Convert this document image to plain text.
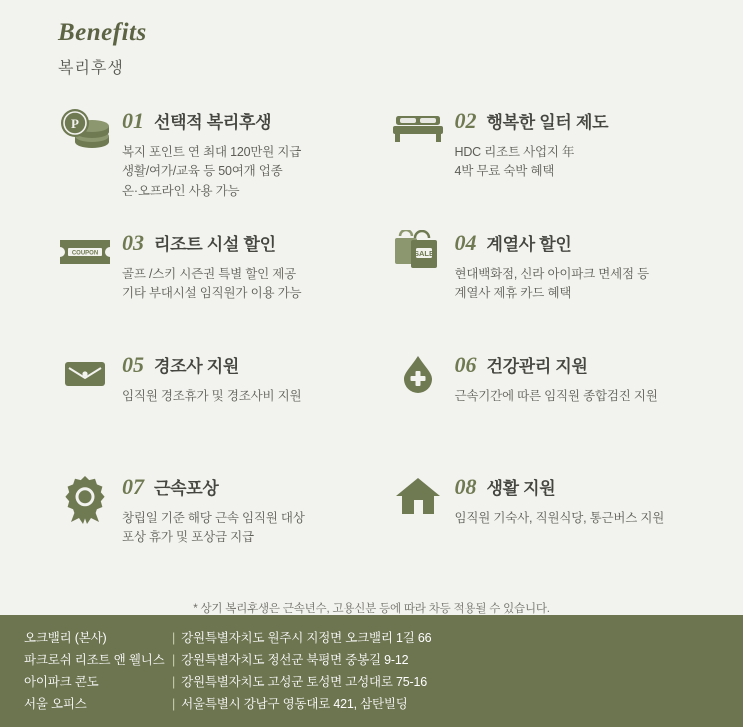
Benefits
복리후생
P 01 선택적 복리후생
복지 포인트 연 최대 120만원 지급
생활/여가/교육 등 50여개 업종
온·오프라인 사용 가능
02 행복한 일터 제도
HDC 리조트 사업지 年
4박 무료 숙박 혜택
COUPON 03 리조트 시설 할인
골프 /스키 시즌권 특별 할인 제공
기타 부대시설 임직원가 이용 가능
SALE 04 계열사 할인
현대백화점, 신라 아이파크 면세점 등
계열사 제휴 카드 혜택
05 경조사 지원
임직원 경조휴가 및 경조사비 지원
06 건강관리 지원
근속기간에 따른 임직원 종합검진 지원
07 근속포상
창립일 기준 해당 근속 임직원 대상
포상 휴가 및 포상금 지급
08 생활 지원
임직원 기숙사, 직원식당, 통근버스 지원
* 상기 복리후생은 근속년수, 고용신분 등에 따라 차등 적용될 수 있습니다.
오크밸리 (본사)	| 강원특별자치도 원주시 지정면 오크밸리 1길 66
파크로쉬 리조트 앤 웰니스 | 강원특별자치도 정선군 북평면 중봉길 9-12
아이파크 콘도	| 강원특별자치도 고성군 토성면 고성대로 75-16
서울 오피스	| 서울특별시 강남구 영동대로 421, 삼탄빌딩
